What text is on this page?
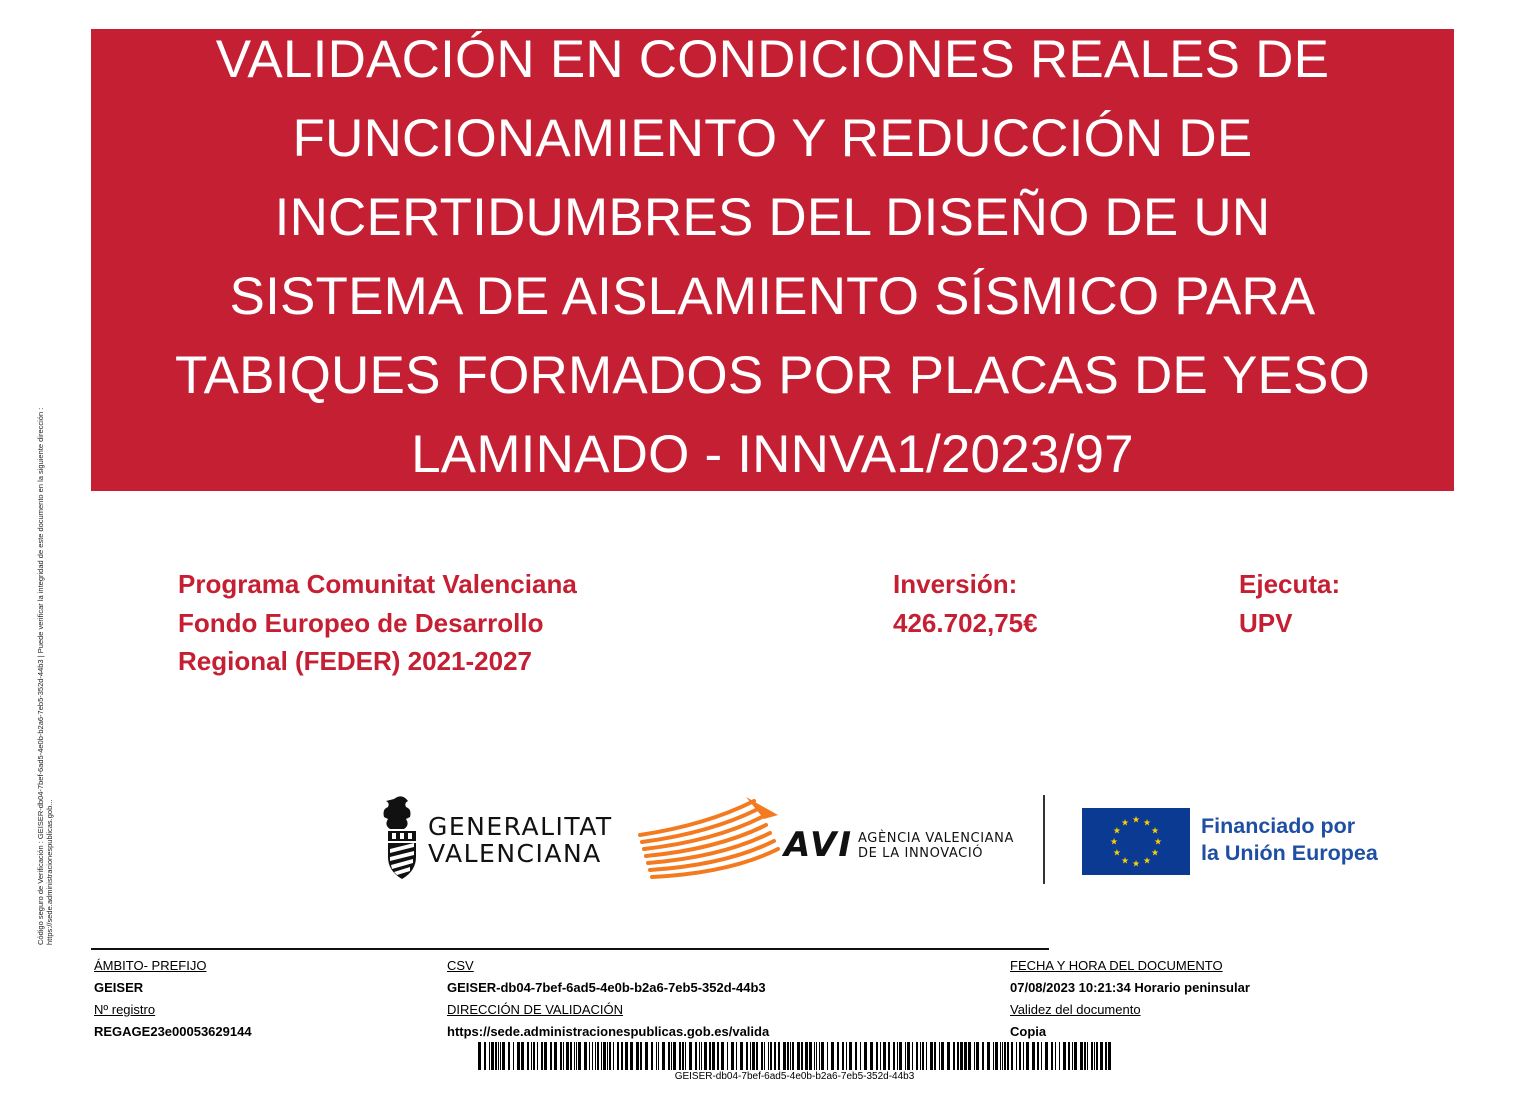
Código seguro de Verificación : GEISER-db04-7bef-6ad5-4e0b-b2a6-7eb5-352d-44b3 | Puede verificar la integridad de este documento en la siguiente dirección : https://sede.administracionespublicas.gob...
VALIDACIÓN EN CONDICIONES REALES DE
FUNCIONAMIENTO Y REDUCCIÓN DE
INCERTIDUMBRES DEL DISEÑO DE UN
SISTEMA DE AISLAMIENTO SÍSMICO PARA
TABIQUES FORMADOS POR PLACAS DE YESO
LAMINADO - INNVA1/2023/97
Programa Comunitat Valenciana
Fondo Europeo de Desarrollo
Regional (FEDER) 2021-2027
Inversión:
426.702,75€
Ejecuta:
UPV
GENERALITAT
VALENCIANA	AVI AGÈNCIA VALENCIANA
DE LA INNOVACIÓ
★
★
★
★
★
★
★
★
★ ★ ★
★ Financiado por
la Unión Europea
ÁMBITO- PREFIJO
GEISER
Nº registro
REGAGE23e00053629144
CSV
GEISER-db04-7bef-6ad5-4e0b-b2a6-7eb5-352d-44b3
DIRECCIÓN DE VALIDACIÓN
https://sede.administracionespublicas.gob.es/valida
FECHA Y HORA DEL DOCUMENTO
07/08/2023 10:21:34 Horario peninsular
Validez del documento
Copia
GEISER-db04-7bef-6ad5-4e0b-b2a6-7eb5-352d-44b3
